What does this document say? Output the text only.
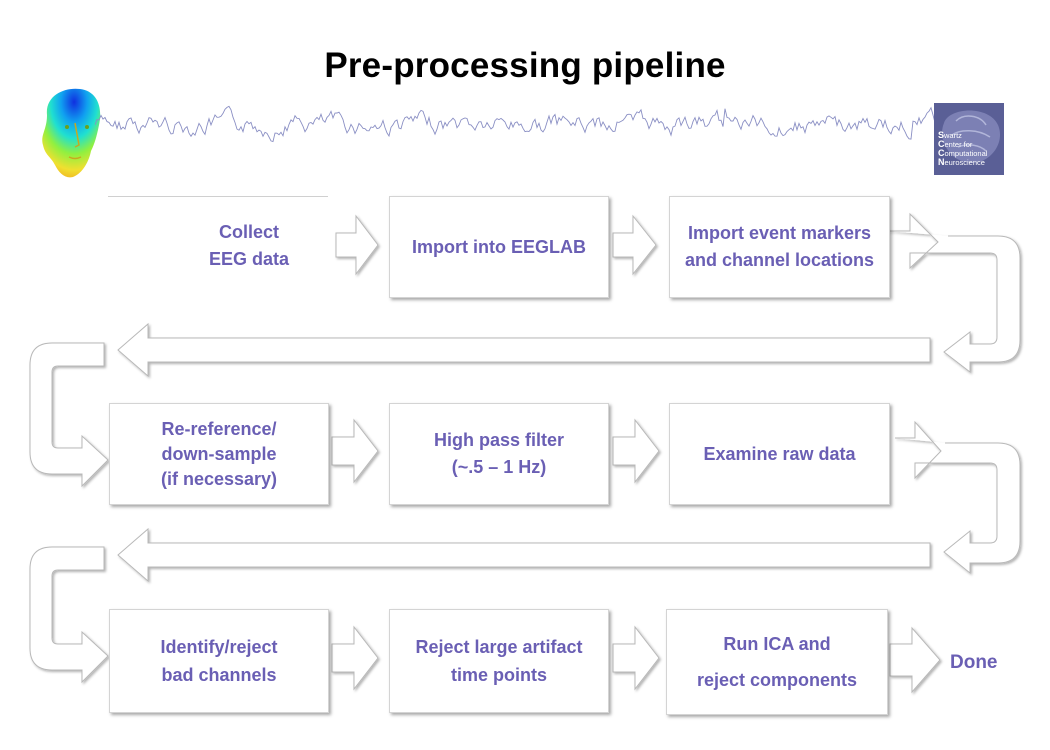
Pre-processing pipeline
Swartz
Center for
Computational
Neuroscience
Collect
EEG data
Import into EEGLAB
Import event markers
and channel locations
Re-reference/
down-sample
(if necessary)
High pass filter
(~.5 – 1 Hz)
Examine raw data
Identify/reject
bad channels
Reject large artifact
time points
Run ICA and
reject components
Done
